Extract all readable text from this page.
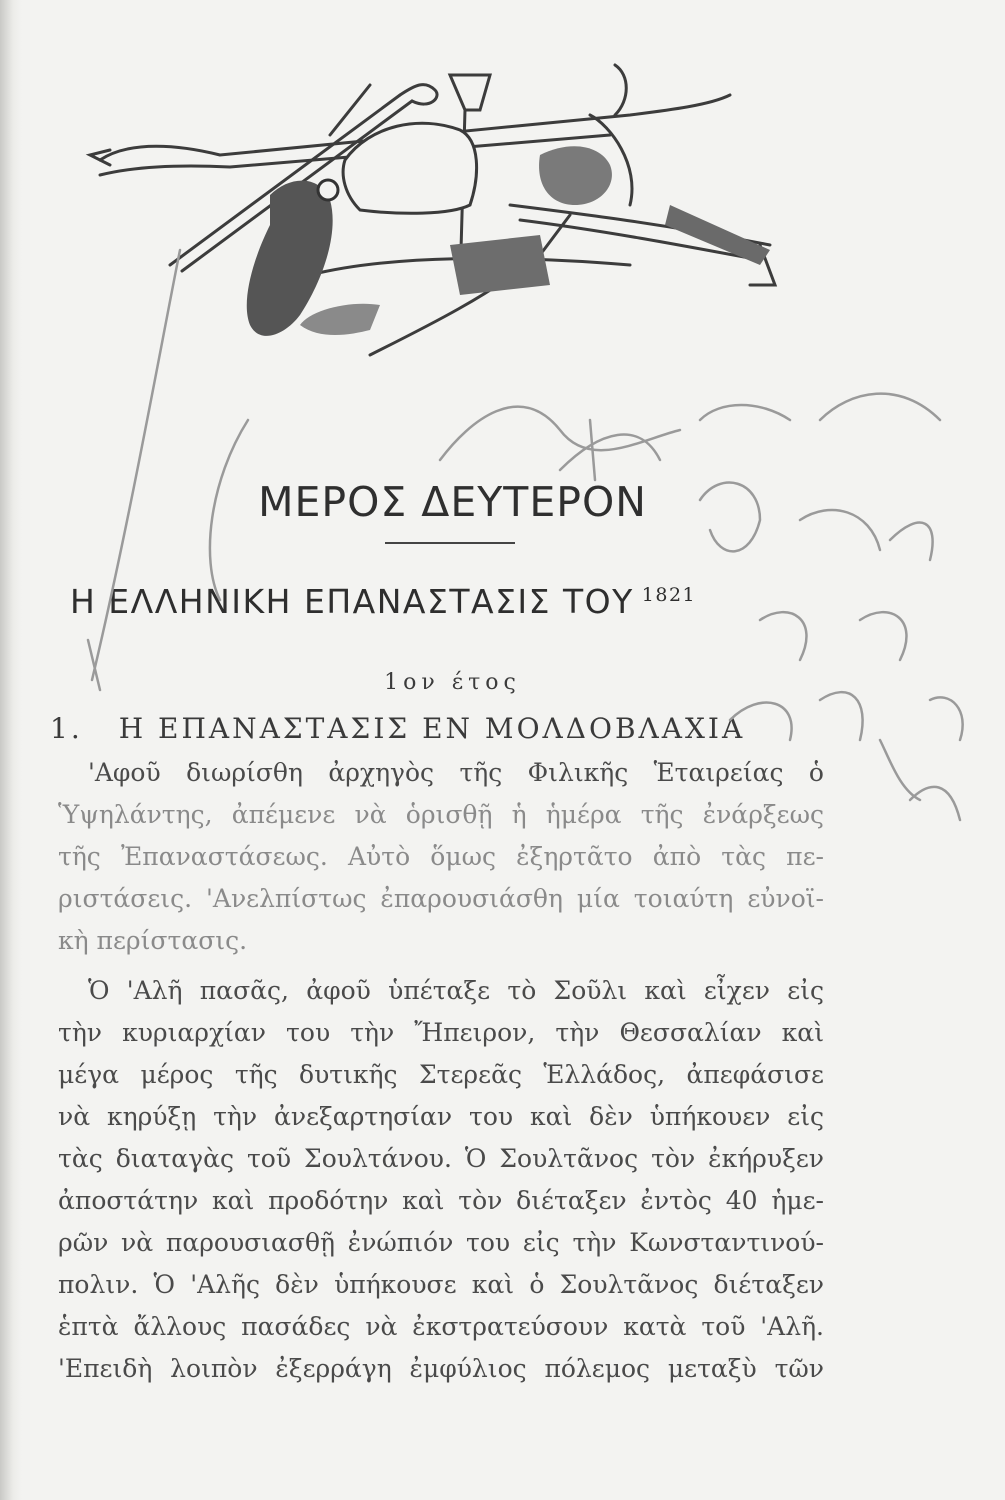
ΜΕΡΟΣ ΔΕΥΤΕΡΟΝ
Η ΕΛΛΗΝΙΚΗ ΕΠΑΝΑΣΤΑΣΙΣ ΤΟΥ $^{1821}$
1ον έτος
1. Η ΕΠΑΝΑΣΤΑΣΙΣ ΕΝ ΜΟΛΔΟΒΛΑΧΙΑ
'Αφοῦ διωρίσθη ἀρχηγὸς τῆς Φιλικῆς Ἑταιρείας ὁ
Ὑψηλάντης, ἀπέμενε νὰ ὁρισθῇ ἡ ἡμέρα τῆς ἐνάρξεως
τῆς Ἐπαναστάσεως. Αὐτὸ ὅμως ἐξηρτᾶτο ἀπὸ τὰς πε-
ριστάσεις. 'Ανελπίστως ἐπαρουσιάσθη μία τοιαύτη εὐνοϊ-
κὴ περίστασις.
Ὁ 'Αλῆ πασᾶς, ἀφοῦ ὑπέταξε τὸ Σοῦλι καὶ εἶχεν εἰς
τὴν κυριαρχίαν του τὴν Ἤπειρον, τὴν Θεσσαλίαν καὶ
μέγα μέρος τῆς δυτικῆς Στερεᾶς Ἑλλάδος, ἀπεφάσισε
νὰ κηρύξῃ τὴν ἀνεξαρτησίαν του καὶ δὲν ὑπήκουεν εἰς
τὰς διαταγὰς τοῦ Σουλτάνου. Ὁ Σουλτᾶνος τὸν ἐκήρυξεν
ἀποστάτην καὶ προδότην καὶ τὸν διέταξεν ἐντὸς 40 ἡμε-
ρῶν νὰ παρουσιασθῇ ἐνώπιόν του εἰς τὴν Κωνσταντινού-
πολιν. Ὁ 'Αλῆς δὲν ὑπήκουσε καὶ ὁ Σουλτᾶνος διέταξεν
ἑπτὰ ἄλλους πασάδες νὰ ἐκστρατεύσουν κατὰ τοῦ 'Αλῆ.
'Επειδὴ λοιπὸν ἐξερράγη ἐμφύλιος πόλεμος μεταξὺ τῶν
